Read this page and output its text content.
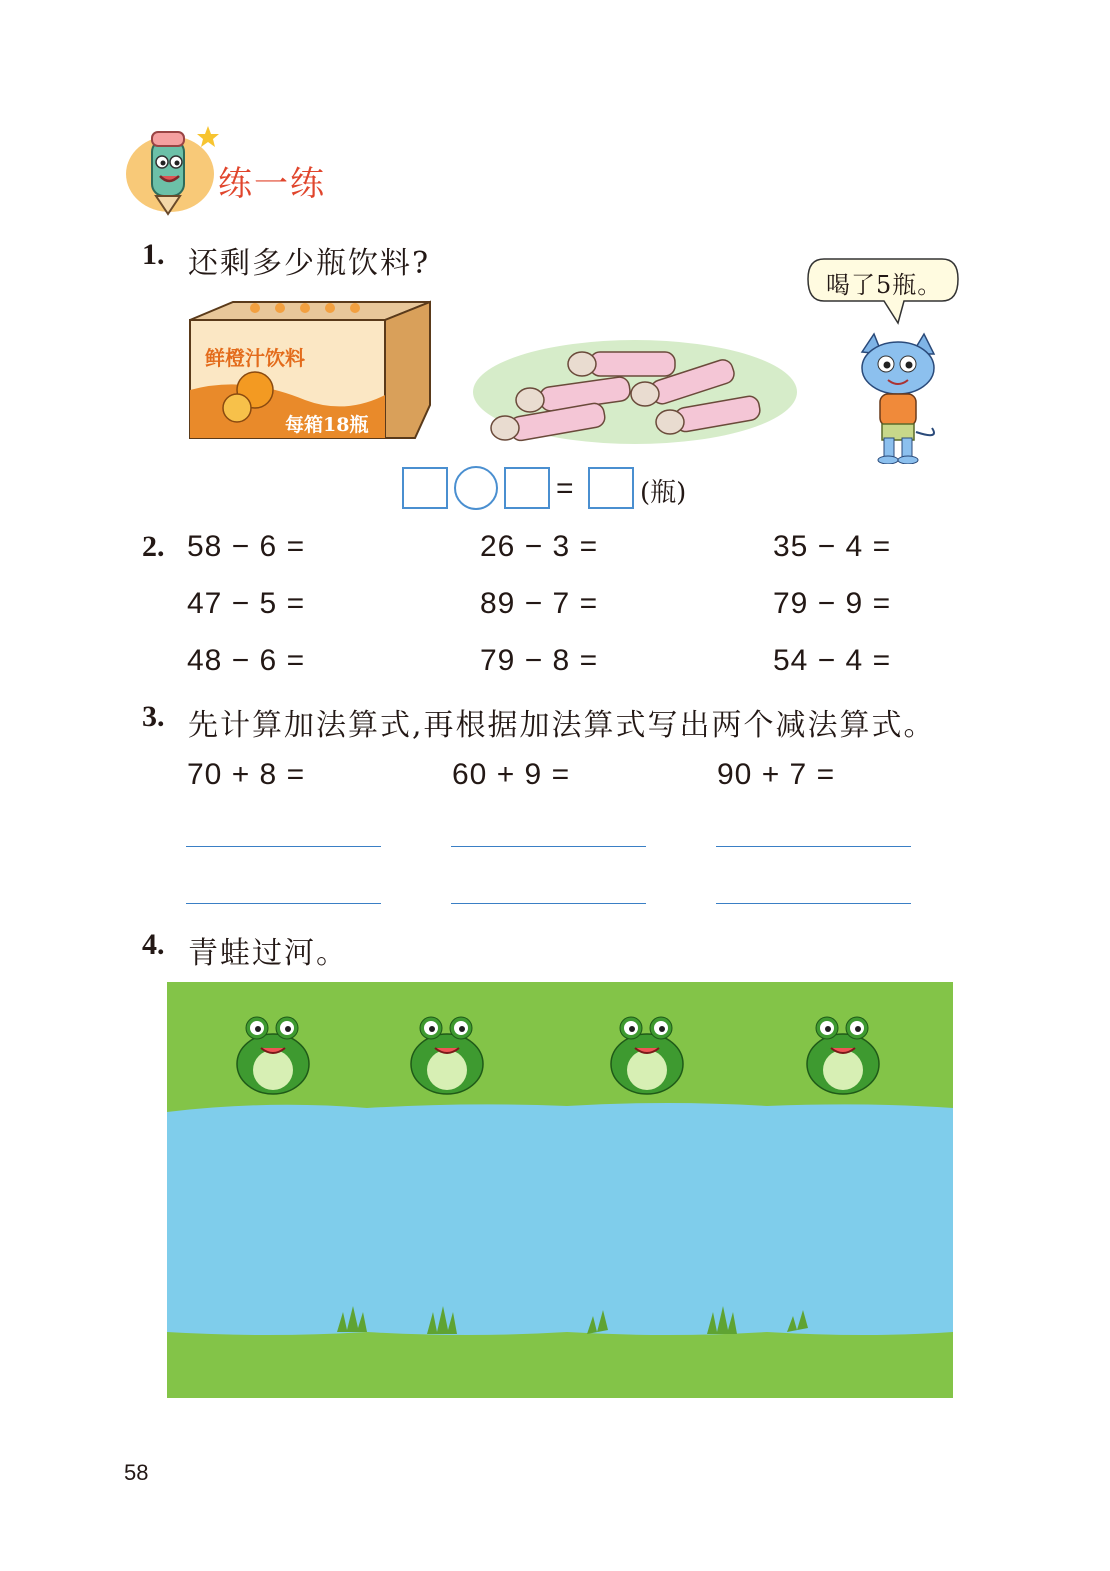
练一练
1. 还剩多少瓶饮料?
鲜橙汁饮料
每箱18瓶
喝了5瓶。
=	(瓶)
2. 58 − 6 =	26 − 3 =	35 − 4 =
47 − 5 =	89 − 7 =	79 − 9 =
48 − 6 =	79 − 8 =	54 − 4 =
3. 先计算加法算式,再根据加法算式写出两个减法算式。
70 + 8 =	60 + 9 =	90 + 7 =
4. 青蛙过河。
58
